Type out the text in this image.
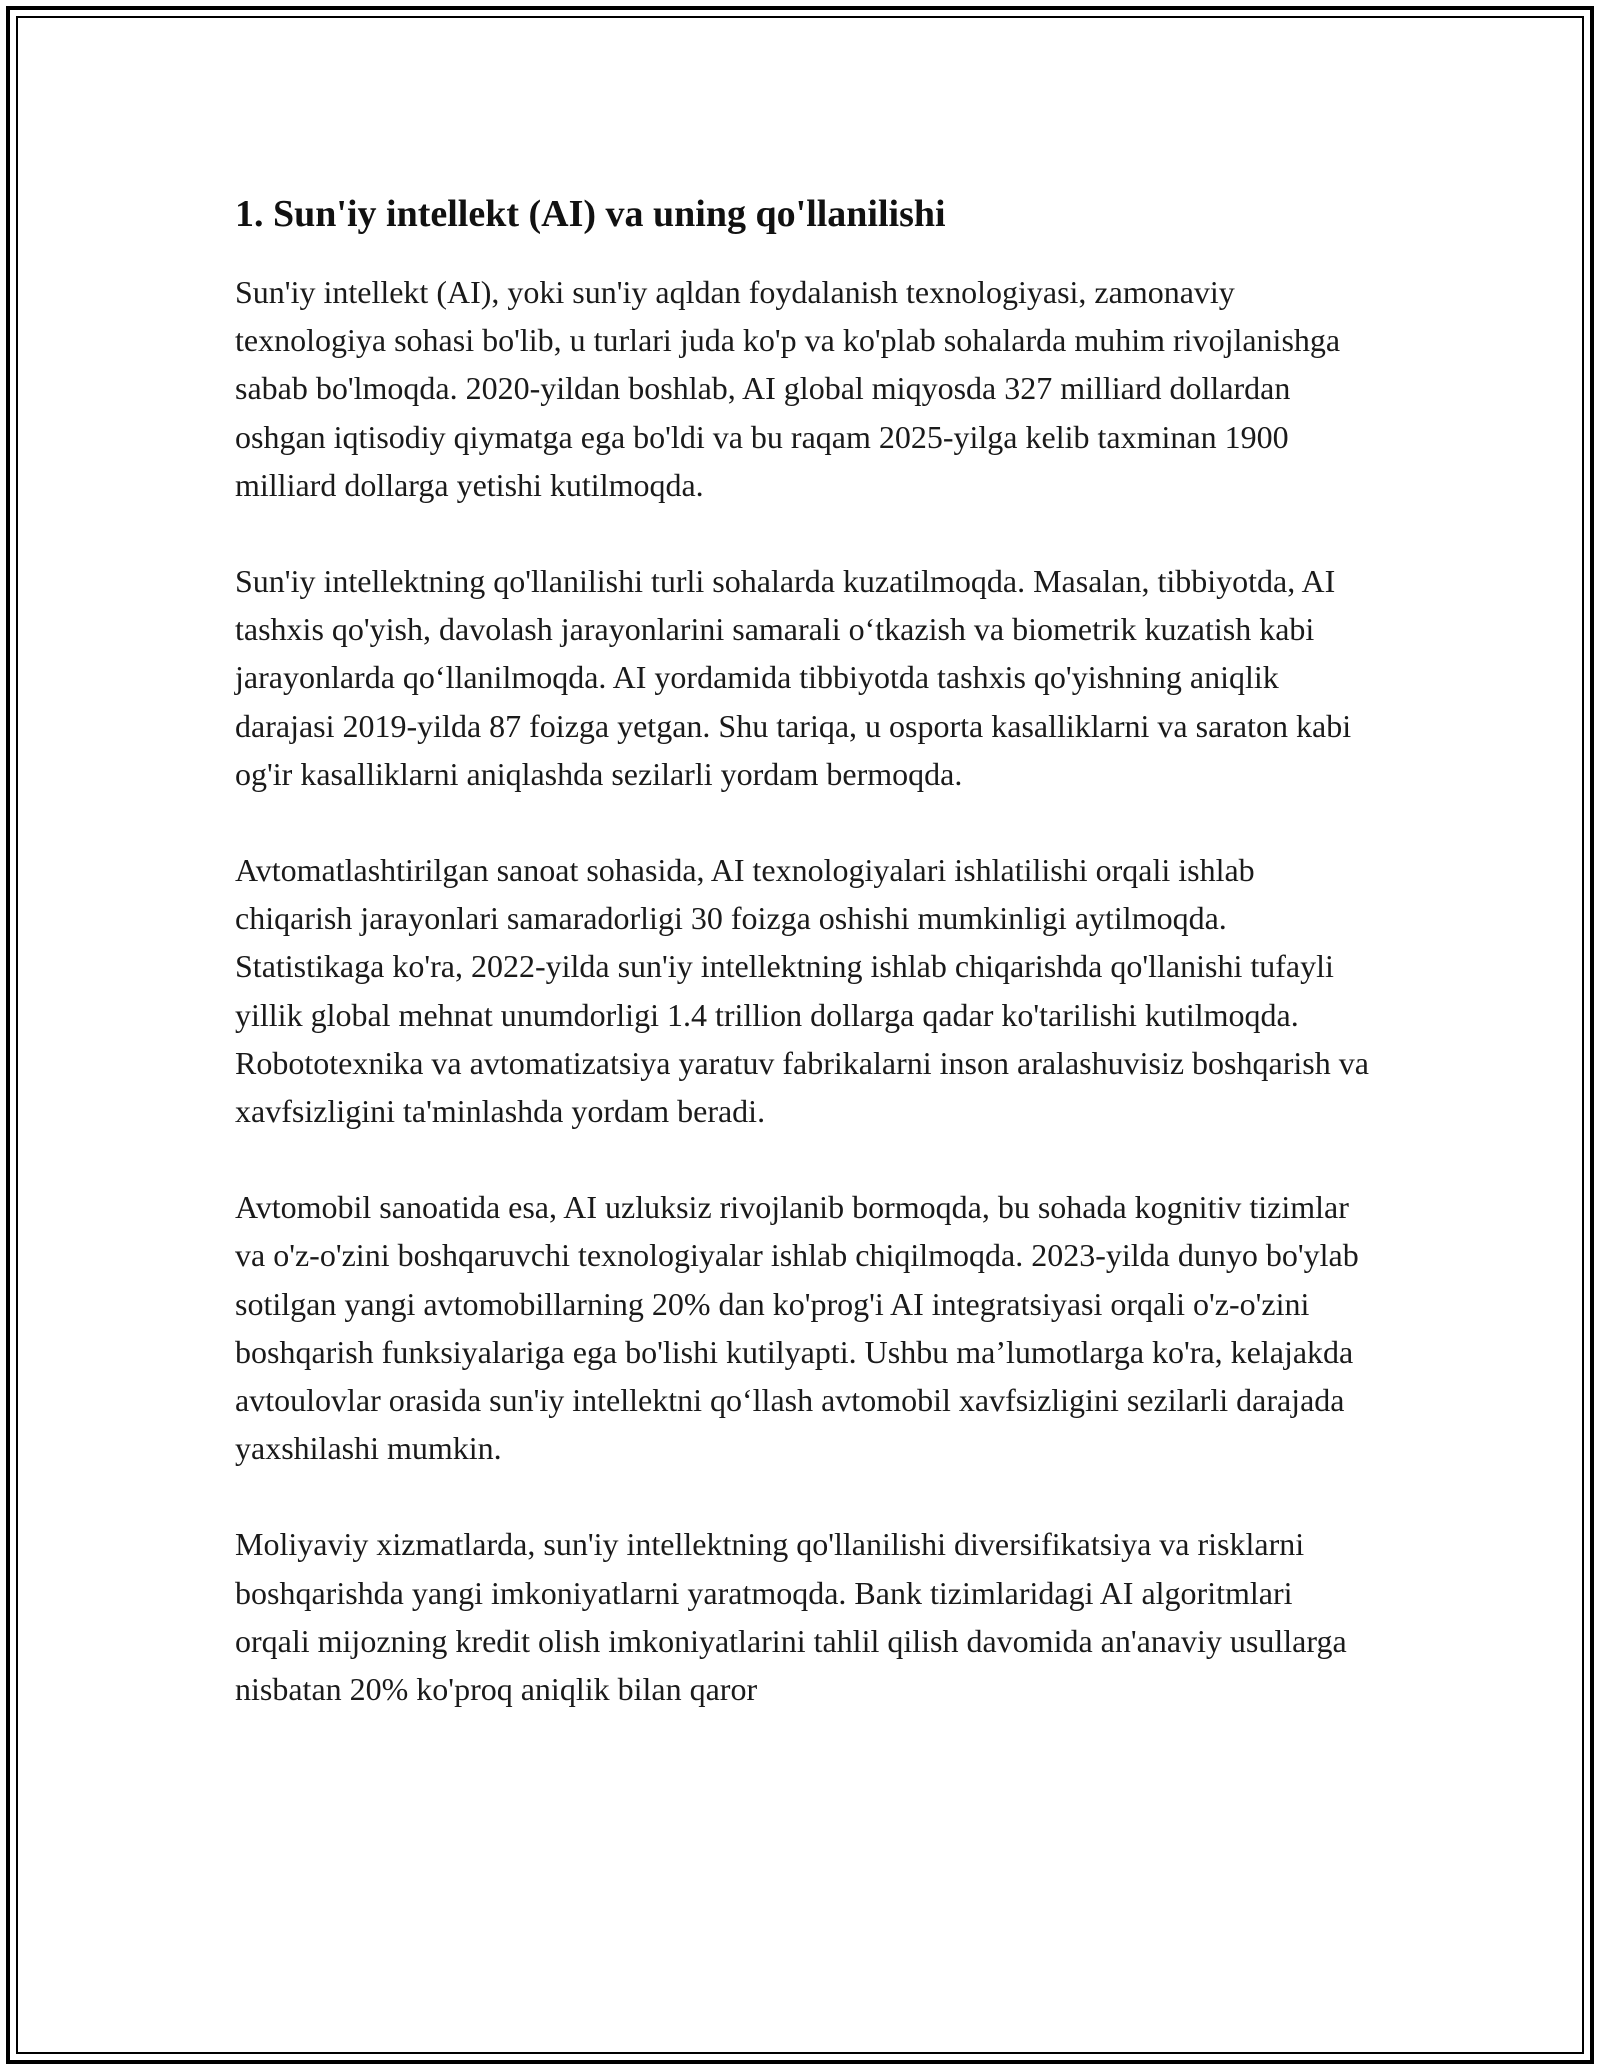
1. Sun'iy intellekt (AI) va uning qo'llanilishi

Sun'iy intellekt (AI), yoki sun'iy aqldan foydalanish texnologiyasi, zamonaviy texnologiya sohasi bo'lib, u turlari juda ko'p va ko'plab sohalarda muhim rivojlanishga sabab bo'lmoqda. 2020-yildan boshlab, AI global miqyosda 327 milliard dollardan oshgan iqtisodiy qiymatga ega bo'ldi va bu raqam 2025-yilga kelib taxminan 1900 milliard dollarga yetishi kutilmoqda.

Sun'iy intellektning qo'llanilishi turli sohalarda kuzatilmoqda. Masalan, tibbiyotda, AI tashxis qo'yish, davolash jarayonlarini samarali o‘tkazish va biometrik kuzatish kabi jarayonlarda qo‘llanilmoqda. AI yordamida tibbiyotda tashxis qo'yishning aniqlik darajasi 2019-yilda 87 foizga yetgan. Shu tariqa, u osporta kasalliklarni va saraton kabi og'ir kasalliklarni aniqlashda sezilarli yordam bermoqda.

Avtomatlashtirilgan sanoat sohasida, AI texnologiyalari ishlatilishi orqali ishlab chiqarish jarayonlari samaradorligi 30 foizga oshishi mumkinligi aytilmoqda. Statistikaga ko'ra, 2022-yilda sun'iy intellektning ishlab chiqarishda qo'llanishi tufayli yillik global mehnat unumdorligi 1.4 trillion dollarga qadar ko'tarilishi kutilmoqda. Robototexnika va avtomatizatsiya yaratuv fabrikalarni inson aralashuvisiz boshqarish va xavfsizligini ta'minlashda yordam beradi.

Avtomobil sanoatida esa, AI uzluksiz rivojlanib bormoqda, bu sohada kognitiv tizimlar va o'z-o'zini boshqaruvchi texnologiyalar ishlab chiqilmoqda. 2023-yilda dunyo bo'ylab sotilgan yangi avtomobillarning 20% dan ko'prog'i AI integratsiyasi orqali o'z-o'zini boshqarish funksiyalariga ega bo'lishi kutilyapti. Ushbu ma’lumotlarga ko'ra, kelajakda avtoulovlar orasida sun'iy intellektni qo‘llash avtomobil xavfsizligini sezilarli darajada yaxshilashi mumkin.

Moliyaviy xizmatlarda, sun'iy intellektning qo'llanilishi diversifikatsiya va risklarni boshqarishda yangi imkoniyatlarni yaratmoqda. Bank tizimlaridagi AI algoritmlari orqali mijozning kredit olish imkoniyatlarini tahlil qilish davomida an'anaviy usullarga nisbatan 20% ko'proq aniqlik bilan qaror
